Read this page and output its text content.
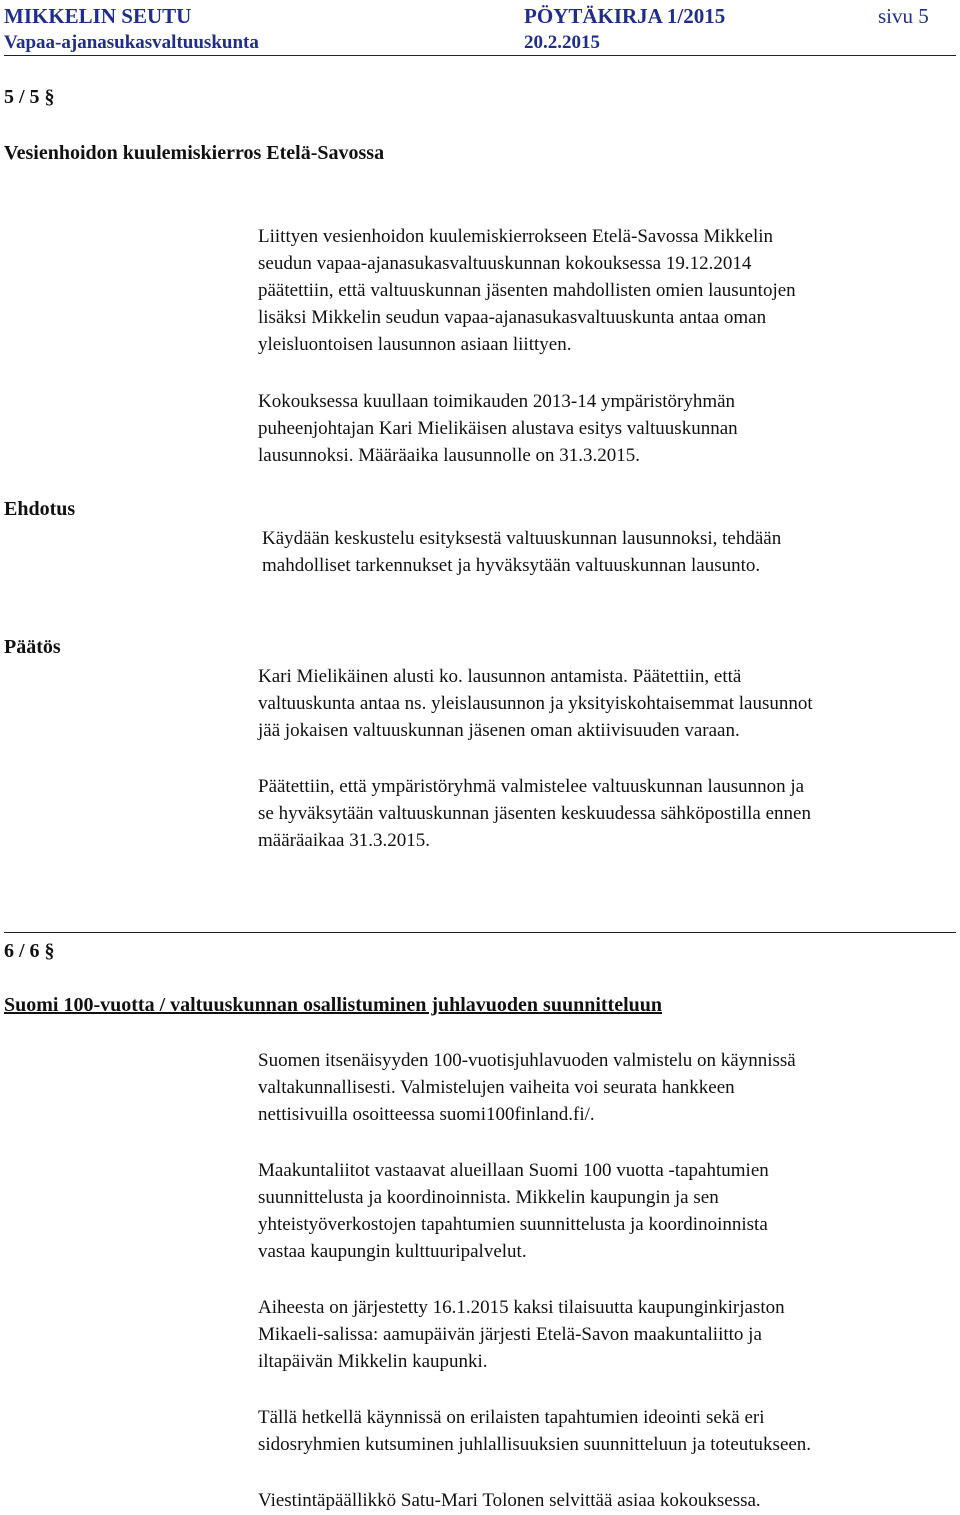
MIKKELIN SEUTU	PÖYTÄKIRJA 1/2015	sivu 5
Vapaa-ajanasukasvaltuuskunta	20.2.2015
5 / 5 §
Vesienhoidon kuulemiskierros Etelä-Savossa
Liittyen vesienhoidon kuulemiskierrokseen Etelä-Savossa Mikkelin
seudun vapaa-ajanasukasvaltuuskunnan kokouksessa 19.12.2014
päätettiin, että valtuuskunnan jäsenten mahdollisten omien lausuntojen
lisäksi Mikkelin seudun vapaa-ajanasukasvaltuuskunta antaa oman
yleisluontoisen lausunnon asiaan liittyen.
Kokouksessa kuullaan toimikauden 2013-14 ympäristöryhmän
puheenjohtajan Kari Mielikäisen alustava esitys valtuuskunnan
lausunnoksi. Määräaika lausunnolle on 31.3.2015.
Ehdotus
Käydään keskustelu esityksestä valtuuskunnan lausunnoksi, tehdään
mahdolliset tarkennukset ja hyväksytään valtuuskunnan lausunto.
Päätös
Kari Mielikäinen alusti ko. lausunnon antamista. Päätettiin, että
valtuuskunta antaa ns. yleislausunnon ja yksityiskohtaisemmat lausunnot
jää jokaisen valtuuskunnan jäsenen oman aktiivisuuden varaan.
Päätettiin, että ympäristöryhmä valmistelee valtuuskunnan lausunnon ja
se hyväksytään valtuuskunnan jäsenten keskuudessa sähköpostilla ennen
määräaikaa 31.3.2015.
6 / 6 §
Suomi 100-vuotta / valtuuskunnan osallistuminen juhlavuoden suunnitteluun
Suomen itsenäisyyden 100-vuotisjuhlavuoden valmistelu on käynnissä
valtakunnallisesti. Valmistelujen vaiheita voi seurata hankkeen
nettisivuilla osoitteessa suomi100finland.fi/.
Maakuntaliitot vastaavat alueillaan Suomi 100 vuotta -tapahtumien
suunnittelusta ja koordinoinnista. Mikkelin kaupungin ja sen
yhteistyöverkostojen tapahtumien suunnittelusta ja koordinoinnista
vastaa kaupungin kulttuuripalvelut.
Aiheesta on järjestetty 16.1.2015 kaksi tilaisuutta kaupunginkirjaston
Mikaeli-salissa: aamupäivän järjesti Etelä-Savon maakuntaliitto ja
iltapäivän Mikkelin kaupunki.
Tällä hetkellä käynnissä on erilaisten tapahtumien ideointi sekä eri
sidosryhmien kutsuminen juhlallisuuksien suunnitteluun ja toteutukseen.
Viestintäpäällikkö Satu-Mari Tolonen selvittää asiaa kokouksessa.
